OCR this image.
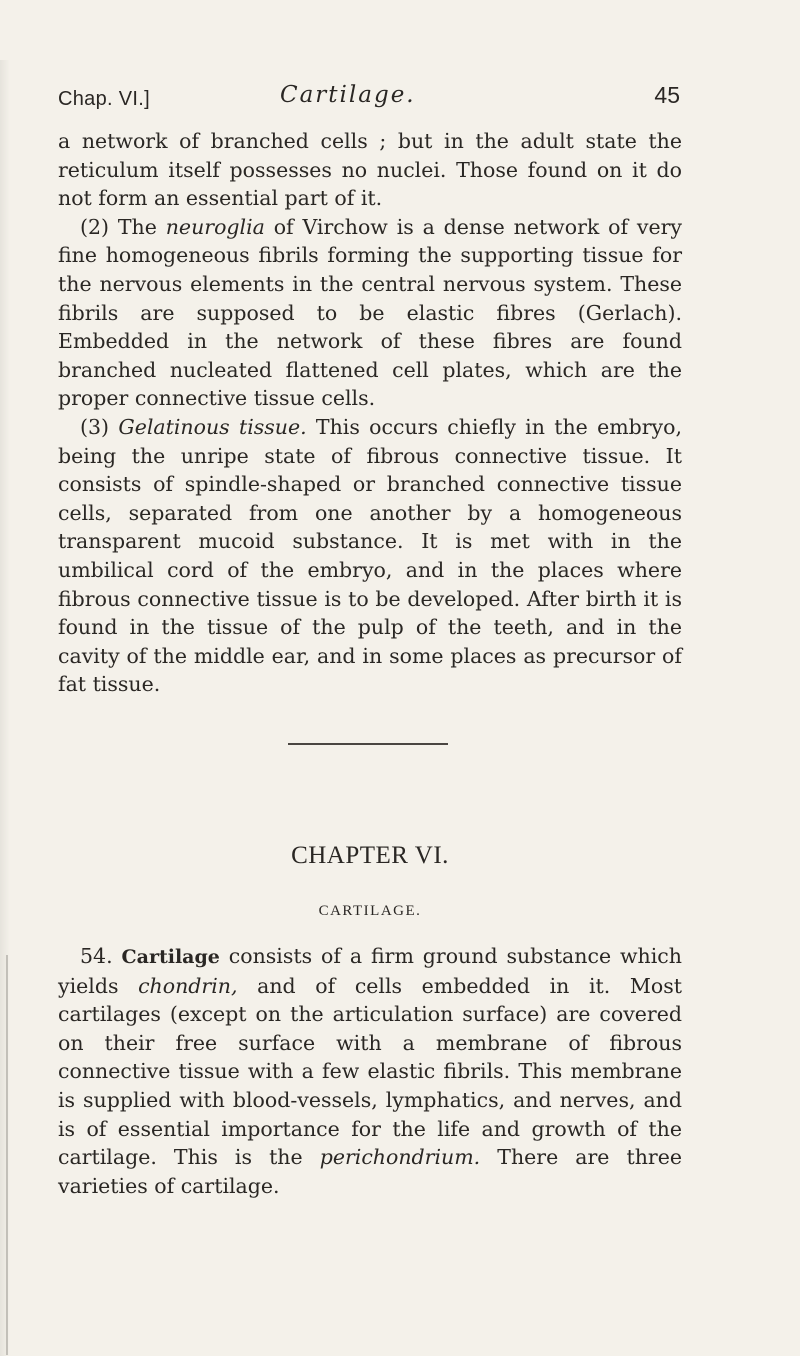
Chap. VI.]	Cartilage.	45

a network of branched cells ; but in the adult state the reticulum itself possesses no nuclei. Those found on it do not form an essential part of it.

(2) The neuroglia of Virchow is a dense network of very fine homogeneous fibrils forming the supporting tissue for the nervous elements in the central nervous system. These fibrils are supposed to be elastic fibres (Gerlach). Embedded in the network of these fibres are found branched nucleated flattened cell plates, which are the proper connective tissue cells.

(3) Gelatinous tissue. This occurs chiefly in the embryo, being the unripe state of fibrous connective tissue. It consists of spindle-shaped or branched connective tissue cells, separated from one another by a homogeneous transparent mucoid substance. It is met with in the umbilical cord of the embryo, and in the places where fibrous connective tissue is to be developed. After birth it is found in the tissue of the pulp of the teeth, and in the cavity of the middle ear, and in some places as precursor of fat tissue.

CHAPTER VI.
CARTILAGE.

54. Cartilage consists of a firm ground substance which yields chondrin, and of cells embedded in it. Most cartilages (except on the articulation surface) are covered on their free surface with a membrane of fibrous connective tissue with a few elastic fibrils. This membrane is supplied with blood-vessels, lymphatics, and nerves, and is of essential importance for the life and growth of the cartilage. This is the perichondrium. There are three varieties of cartilage.
